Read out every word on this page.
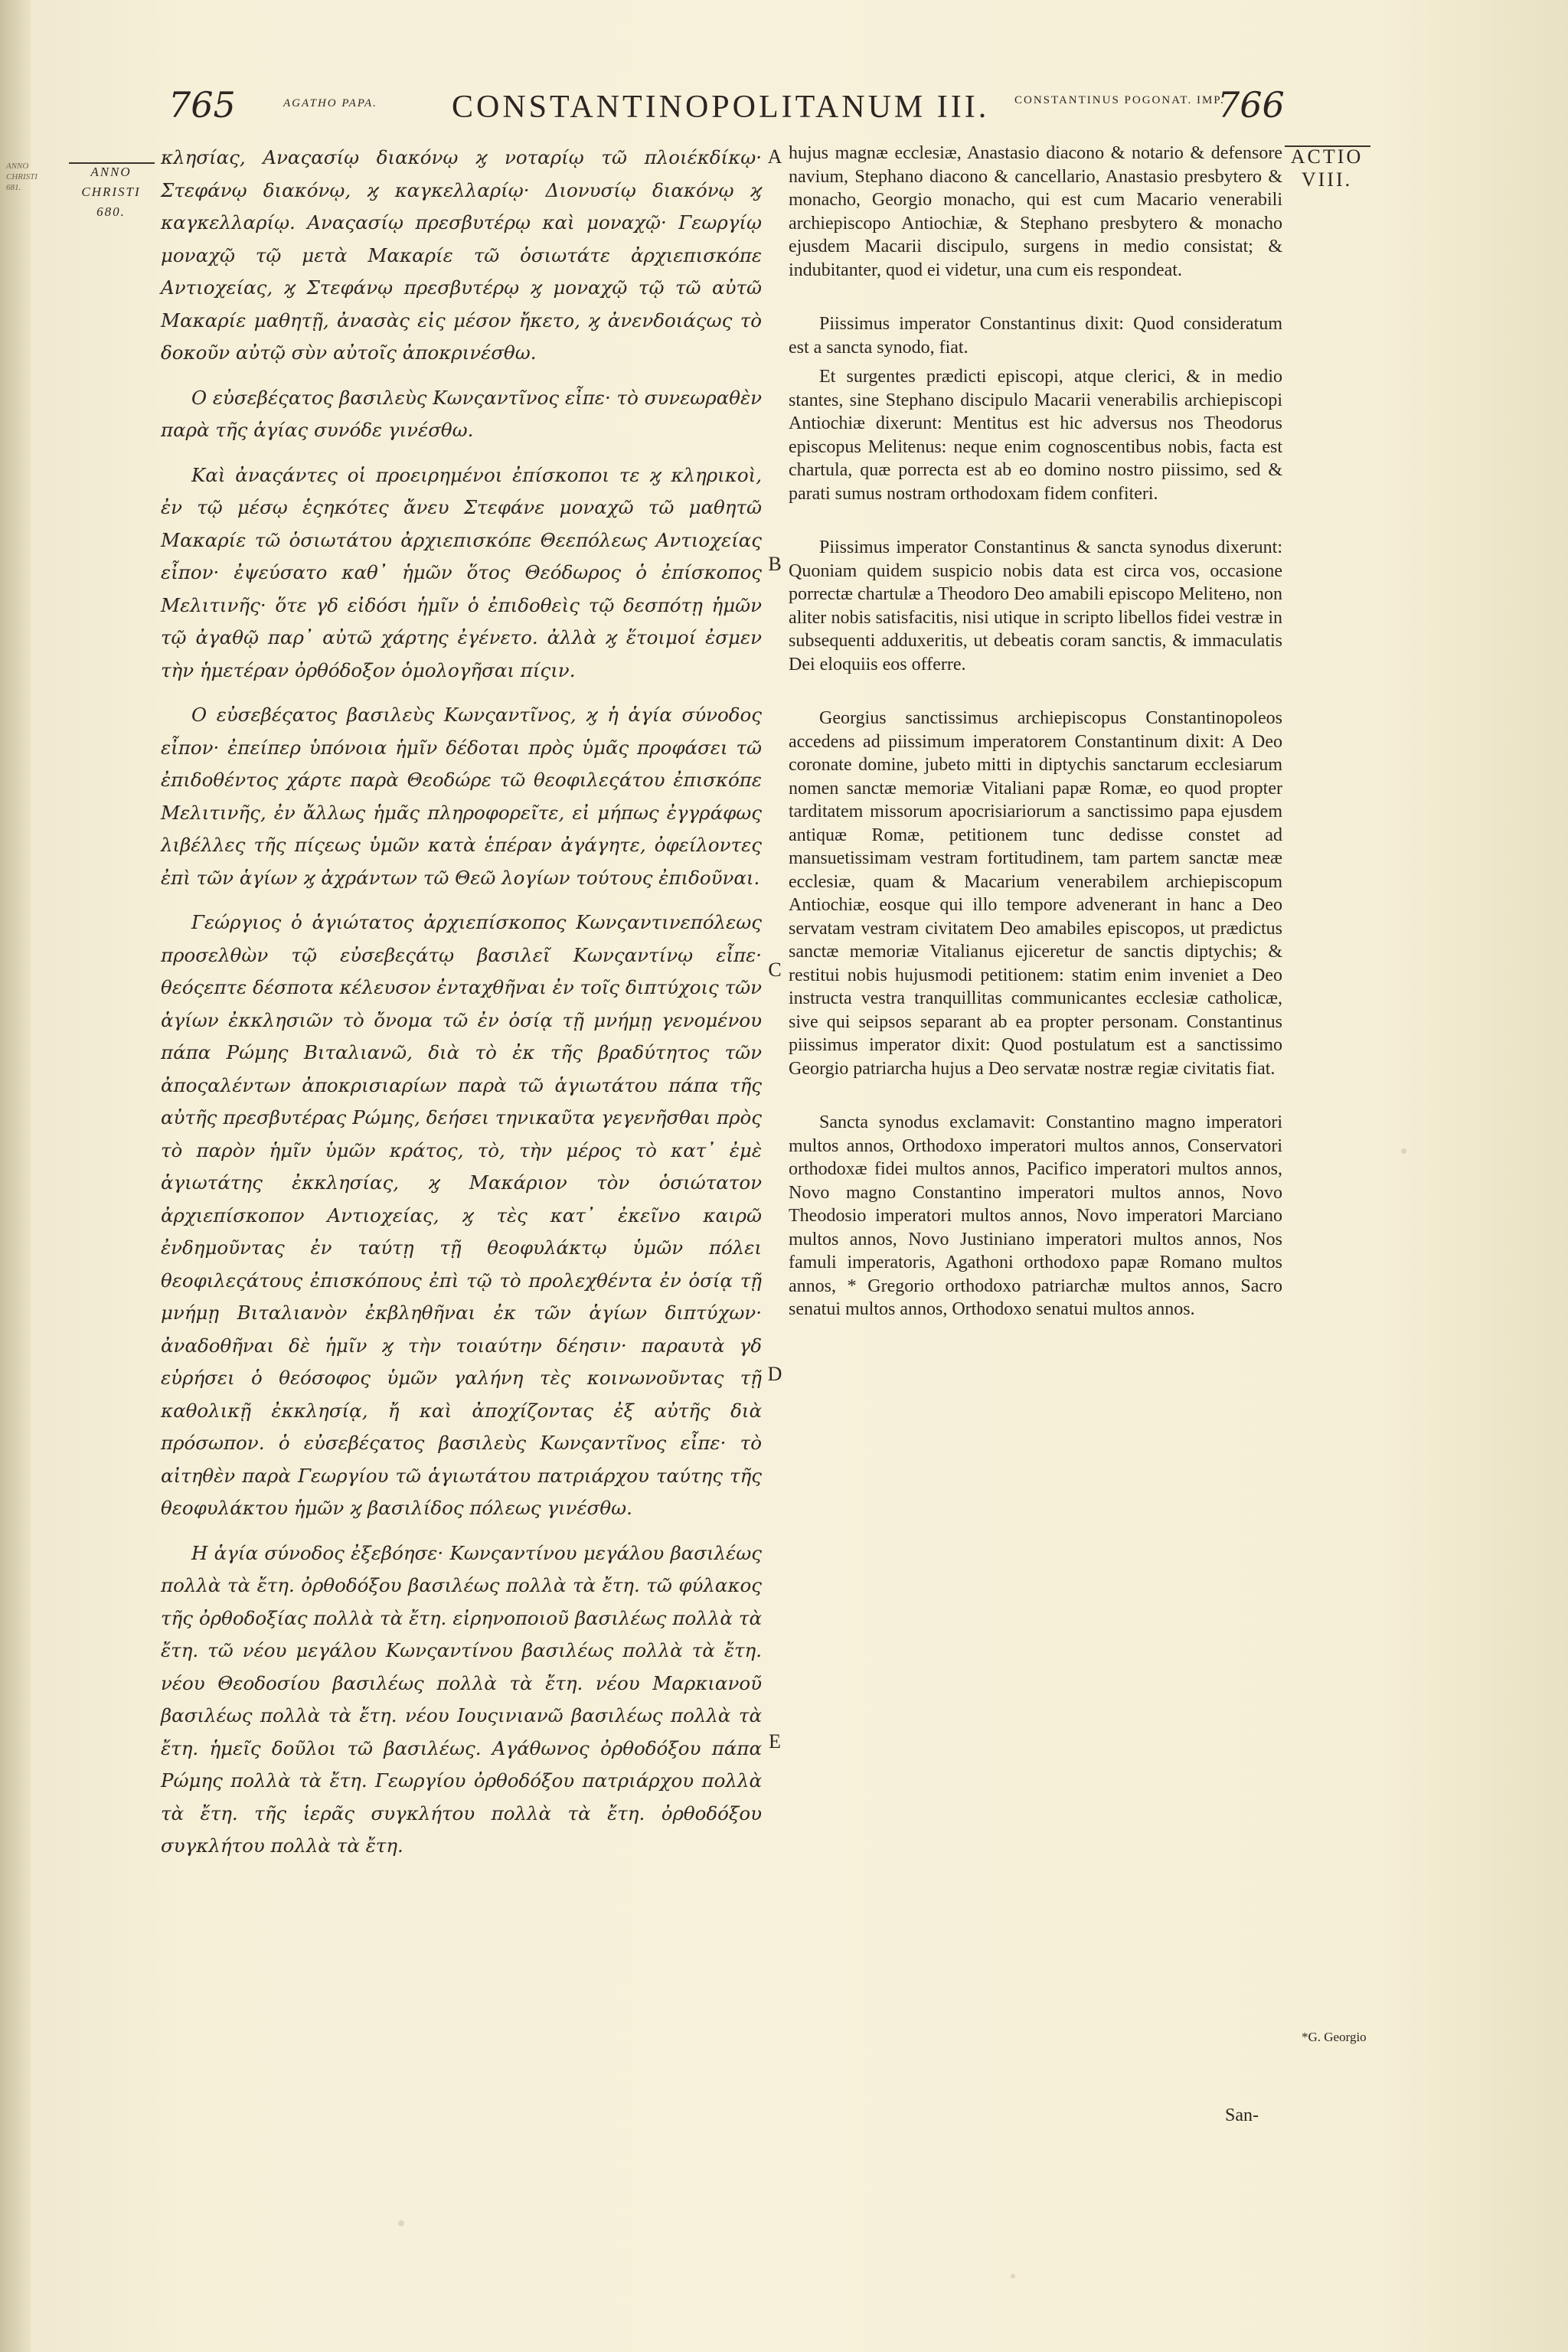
ANNO CHRISTI 681.
765	AGATHO PAPA. CONSTANTINOPOLITANUM III. CONSTANTINUS POGONAT. IMP.
766
ANNO CHRISTI 680.
ACTIO VIII.
*G. Georgio

κλησίας, Αναςασίῳ διακόνῳ ϗ νοταρίῳ τῶ πλοιέκδίκῳ· Στεφάνῳ διακόνῳ, ϗ καγκελλαρίῳ· Διονυσίῳ διακόνῳ ϗ καγκελλαρίῳ. Αναςασίῳ πρεσβυτέρῳ καὶ μοναχῷ· Γεωργίῳ μοναχῷ τῷ μετὰ Μακαρίε τῶ ὁσιωτάτε ἀρχιεπισκόπε Αντιοχείας, ϗ Στεφάνῳ πρεσβυτέρῳ ϗ μοναχῷ τῷ τῶ αὐτῶ Μακαρίε μαθητῇ, ἀνασὰς εἰς μέσον ἤκετο, ϗ ἀνενδοιάςως τὸ δοκοῦν αὐτῷ σὺν αὐτοῖς ἀποκρινέσθω.

Ο εὐσεβέςατος βασιλεὺς Κωνςαντῖνος εἶπε· τὸ συνεωραθὲν παρὰ τῆς ἁγίας συνόδε γινέσθω.

Καὶ ἀναςάντες οἱ προειρημένοι ἐπίσκοποι τε ϗ κληρικοὶ, ἐν τῷ μέσῳ ἑςηκότες ἄνευ Στεφάνε μοναχῶ τῶ μαθητῶ Μακαρίε τῶ ὁσιωτάτου ἀρχιεπισκόπε Θεεπόλεως Αντιοχείας εἶπον· ἐψεύσατο καθ᾽ ἡμῶν ὅτος Θεόδωρος ὁ ἐπίσκοπος Μελιτινῆς· ὅτε γδ εἰδόσι ἡμῖν ὁ ἐπιδοθεὶς τῷ δεσπότῃ ἡμῶν τῷ ἀγαθῷ παρ᾽ αὐτῶ χάρτης ἐγένετο. ἀλλὰ ϗ ἕτοιμοί ἐσμεν τὴν ἡμετέραν ὀρθόδοξον ὁμολογῆσαι πίςιν.

Ο εὐσεβέςατος βασιλεὺς Κωνςαντῖνος, ϗ ἡ ἁγία σύνοδος εἶπον· ἐπείπερ ὑπόνοια ἡμῖν δέδοται πρὸς ὑμᾶς προφάσει τῶ ἐπιδοθέντος χάρτε παρὰ Θεοδώρε τῶ θεοφιλεςάτου ἐπισκόπε Μελιτινῆς, ἐν ἄλλως ἡμᾶς πληροφορεῖτε, εἰ μήπως ἐγγράφως λιβέλλες τῆς πίςεως ὑμῶν κατὰ ἑπέραν ἀγάγητε, ὀφείλοντες ἐπὶ τῶν ἁγίων ϗ ἀχράντων τῶ Θεῶ λογίων τούτους ἐπιδοῦναι.

Γεώργιος ὁ ἁγιώτατος ἀρχιεπίσκοπος Κωνςαντινεπόλεως προσελθὼν τῷ εὐσεβεςάτῳ βασιλεῖ Κωνςαντίνῳ εἶπε· θεόςεπτε δέσποτα κέλευσον ἐνταχθῆναι ἐν τοῖς διπτύχοις τῶν ἁγίων ἐκκλησιῶν τὸ ὄνομα τῶ ἐν ὁσίᾳ τῇ μνήμῃ γενομένου πάπα Ρώμης Βιταλιανῶ, διὰ τὸ ἐκ τῆς βραδύτητος τῶν ἀποςαλέντων ἀποκρισιαρίων παρὰ τῶ ἁγιωτάτου πάπα τῆς αὐτῆς πρεσβυτέρας Ρώμης, δεήσει τηνικαῦτα γεγενῆσθαι πρὸς τὸ παρὸν ἡμῖν ὑμῶν κράτος, τὸ, τὴν μέρος τὸ κατ᾽ ἐμὲ ἁγιωτάτης ἐκκλησίας, ϗ Μακάριον τὸν ὁσιώτατον ἀρχιεπίσκοπον Αντιοχείας, ϗ τὲς κατ᾽ ἐκεῖνο καιρῶ ἐνδημοῦντας ἐν ταύτῃ τῇ θεοφυλάκτῳ ὑμῶν πόλει θεοφιλεςάτους ἐπισκόπους ἐπὶ τῷ τὸ προλεχθέντα ἐν ὁσίᾳ τῇ μνήμῃ Βιταλιανὸν ἐκβληθῆναι ἐκ τῶν ἁγίων διπτύχων· ἀναδοθῆναι δὲ ἡμῖν ϗ τὴν τοιαύτην δέησιν· παραυτὰ γδ εὑρήσει ὁ θεόσοφος ὑμῶν γαλήνη τὲς κοινωνοῦντας τῇ καθολικῇ ἐκκλησίᾳ, ἤ καὶ ἀποχίζοντας ἐξ αὐτῆς διὰ πρόσωπον. ὁ εὐσεβέςατος βασιλεὺς Κωνςαντῖνος εἶπε· τὸ αἰτηθὲν παρὰ Γεωργίου τῶ ἁγιωτάτου πατριάρχου ταύτης τῆς θεοφυλάκτου ἡμῶν ϗ βασιλίδος πόλεως γινέσθω.

Η ἁγία σύνοδος ἐξεβόησε· Κωνςαντίνου μεγάλου βασιλέως πολλὰ τὰ ἔτη. ὀρθοδόξου βασιλέως πολλὰ τὰ ἔτη. τῶ φύλακος τῆς ὀρθοδοξίας πολλὰ τὰ ἔτη. εἰρηνοποιοῦ βασιλέως πολλὰ τὰ ἔτη. τῶ νέου μεγάλου Κωνςαντίνου βασιλέως πολλὰ τὰ ἔτη. νέου Θεοδοσίου βασιλέως πολλὰ τὰ ἔτη. νέου Μαρκιανοῦ βασιλέως πολλὰ τὰ ἔτη. νέου Ιουςινιανῶ βασιλέως πολλὰ τὰ ἔτη. ἡμεῖς δοῦλοι τῶ βασιλέως. Αγάθωνος ὀρθοδόξου πάπα Ρώμης πολλὰ τὰ ἔτη. Γεωργίου ὀρθοδόξου πατριάρχου πολλὰ τὰ ἔτη. τῆς ἱερᾶς συγκλήτου πολλὰ τὰ ἔτη. ὀρθοδόξου συγκλήτου πολλὰ τὰ ἔτη.

A
B
C
D
E

hujus magnæ ecclesiæ, Anastasio diacono & notario & defensore navium, Stephano diacono & cancellario, Anastasio presbytero & monacho, Georgio monacho, qui est cum Macario venerabili archiepiscopo Antiochiæ, & Stephano presbytero & monacho ejusdem Macarii discipulo, surgens in medio consistat; & indubitanter, quod ei videtur, una cum eis respondeat.

Piissimus imperator Constantinus dixit: Quod consideratum est a sancta synodo, fiat.

Et surgentes prædicti episcopi, atque clerici, & in medio stantes, sine Stephano discipulo Macarii venerabilis archiepiscopi Antiochiæ dixerunt: Mentitus est hic adversus nos Theodorus episcopus Melitenus: neque enim cognoscentibus nobis, facta est chartula, quæ porrecta est ab eo domino nostro piissimo, sed & parati sumus nostram orthodoxam fidem confiteri.

Piissimus imperator Constantinus & sancta synodus dixerunt: Quoniam quidem suspicio nobis data est circa vos, occasione porrectæ chartulæ a Theodoro Deo amabili episcopo Melitено, non aliter nobis satisfacitis, nisi utique in scripto libellos fidei vestræ in subsequenti adduxeritis, ut debeatis coram sanctis, & immaculatis Dei eloquiis eos offerre.

Georgius sanctissimus archiepiscopus Constantinopoleos accedens ad piissimum imperatorem Constantinum dixit: A Deo coronate domine, jubeto mitti in diptychis sanctarum ecclesiarum nomen sanctæ memoriæ Vitaliani papæ Romæ, eo quod propter tarditatem missorum apocrisiariorum a sanctissimo papa ejusdem antiquæ Romæ, petitionem tunc dedisse constet ad mansuetissimam vestram fortitudinem, tam partem sanctæ meæ ecclesiæ, quam & Macarium venerabilem archiepiscopum Antiochiæ, eosque qui illo tempore advenerant in hanc a Deo servatam vestram civitatem Deo amabiles episcopos, ut prædictus sanctæ memoriæ Vitalianus ejiceretur de sanctis diptychis; & restitui nobis hujusmodi petitionem: statim enim inveniet a Deo instructa vestra tranquillitas communicantes ecclesiæ catholicæ, sive qui seipsos separant ab ea propter personam. Constantinus piissimus imperator dixit: Quod postulatum est a sanctissimo Georgio patriarcha hujus a Deo servatæ nostræ regiæ civitatis fiat.

Sancta synodus exclamavit: Constantino magno imperatori multos annos, Orthodoxo imperatori multos annos, Conservatori orthodoxæ fidei multos annos, Pacifico imperatori multos annos, Novo magno Constantino imperatori multos annos, Novo Theodosio imperatori multos annos, Novo imperatori Marciano multos annos, Novo Justiniano imperatori multos annos, Nos famuli imperatoris, Agathoni orthodoxo papæ Romano multos annos, * Gregorio orthodoxo patriarchæ multos annos, Sacro senatui multos annos, Orthodoxo senatui multos annos.

San-
